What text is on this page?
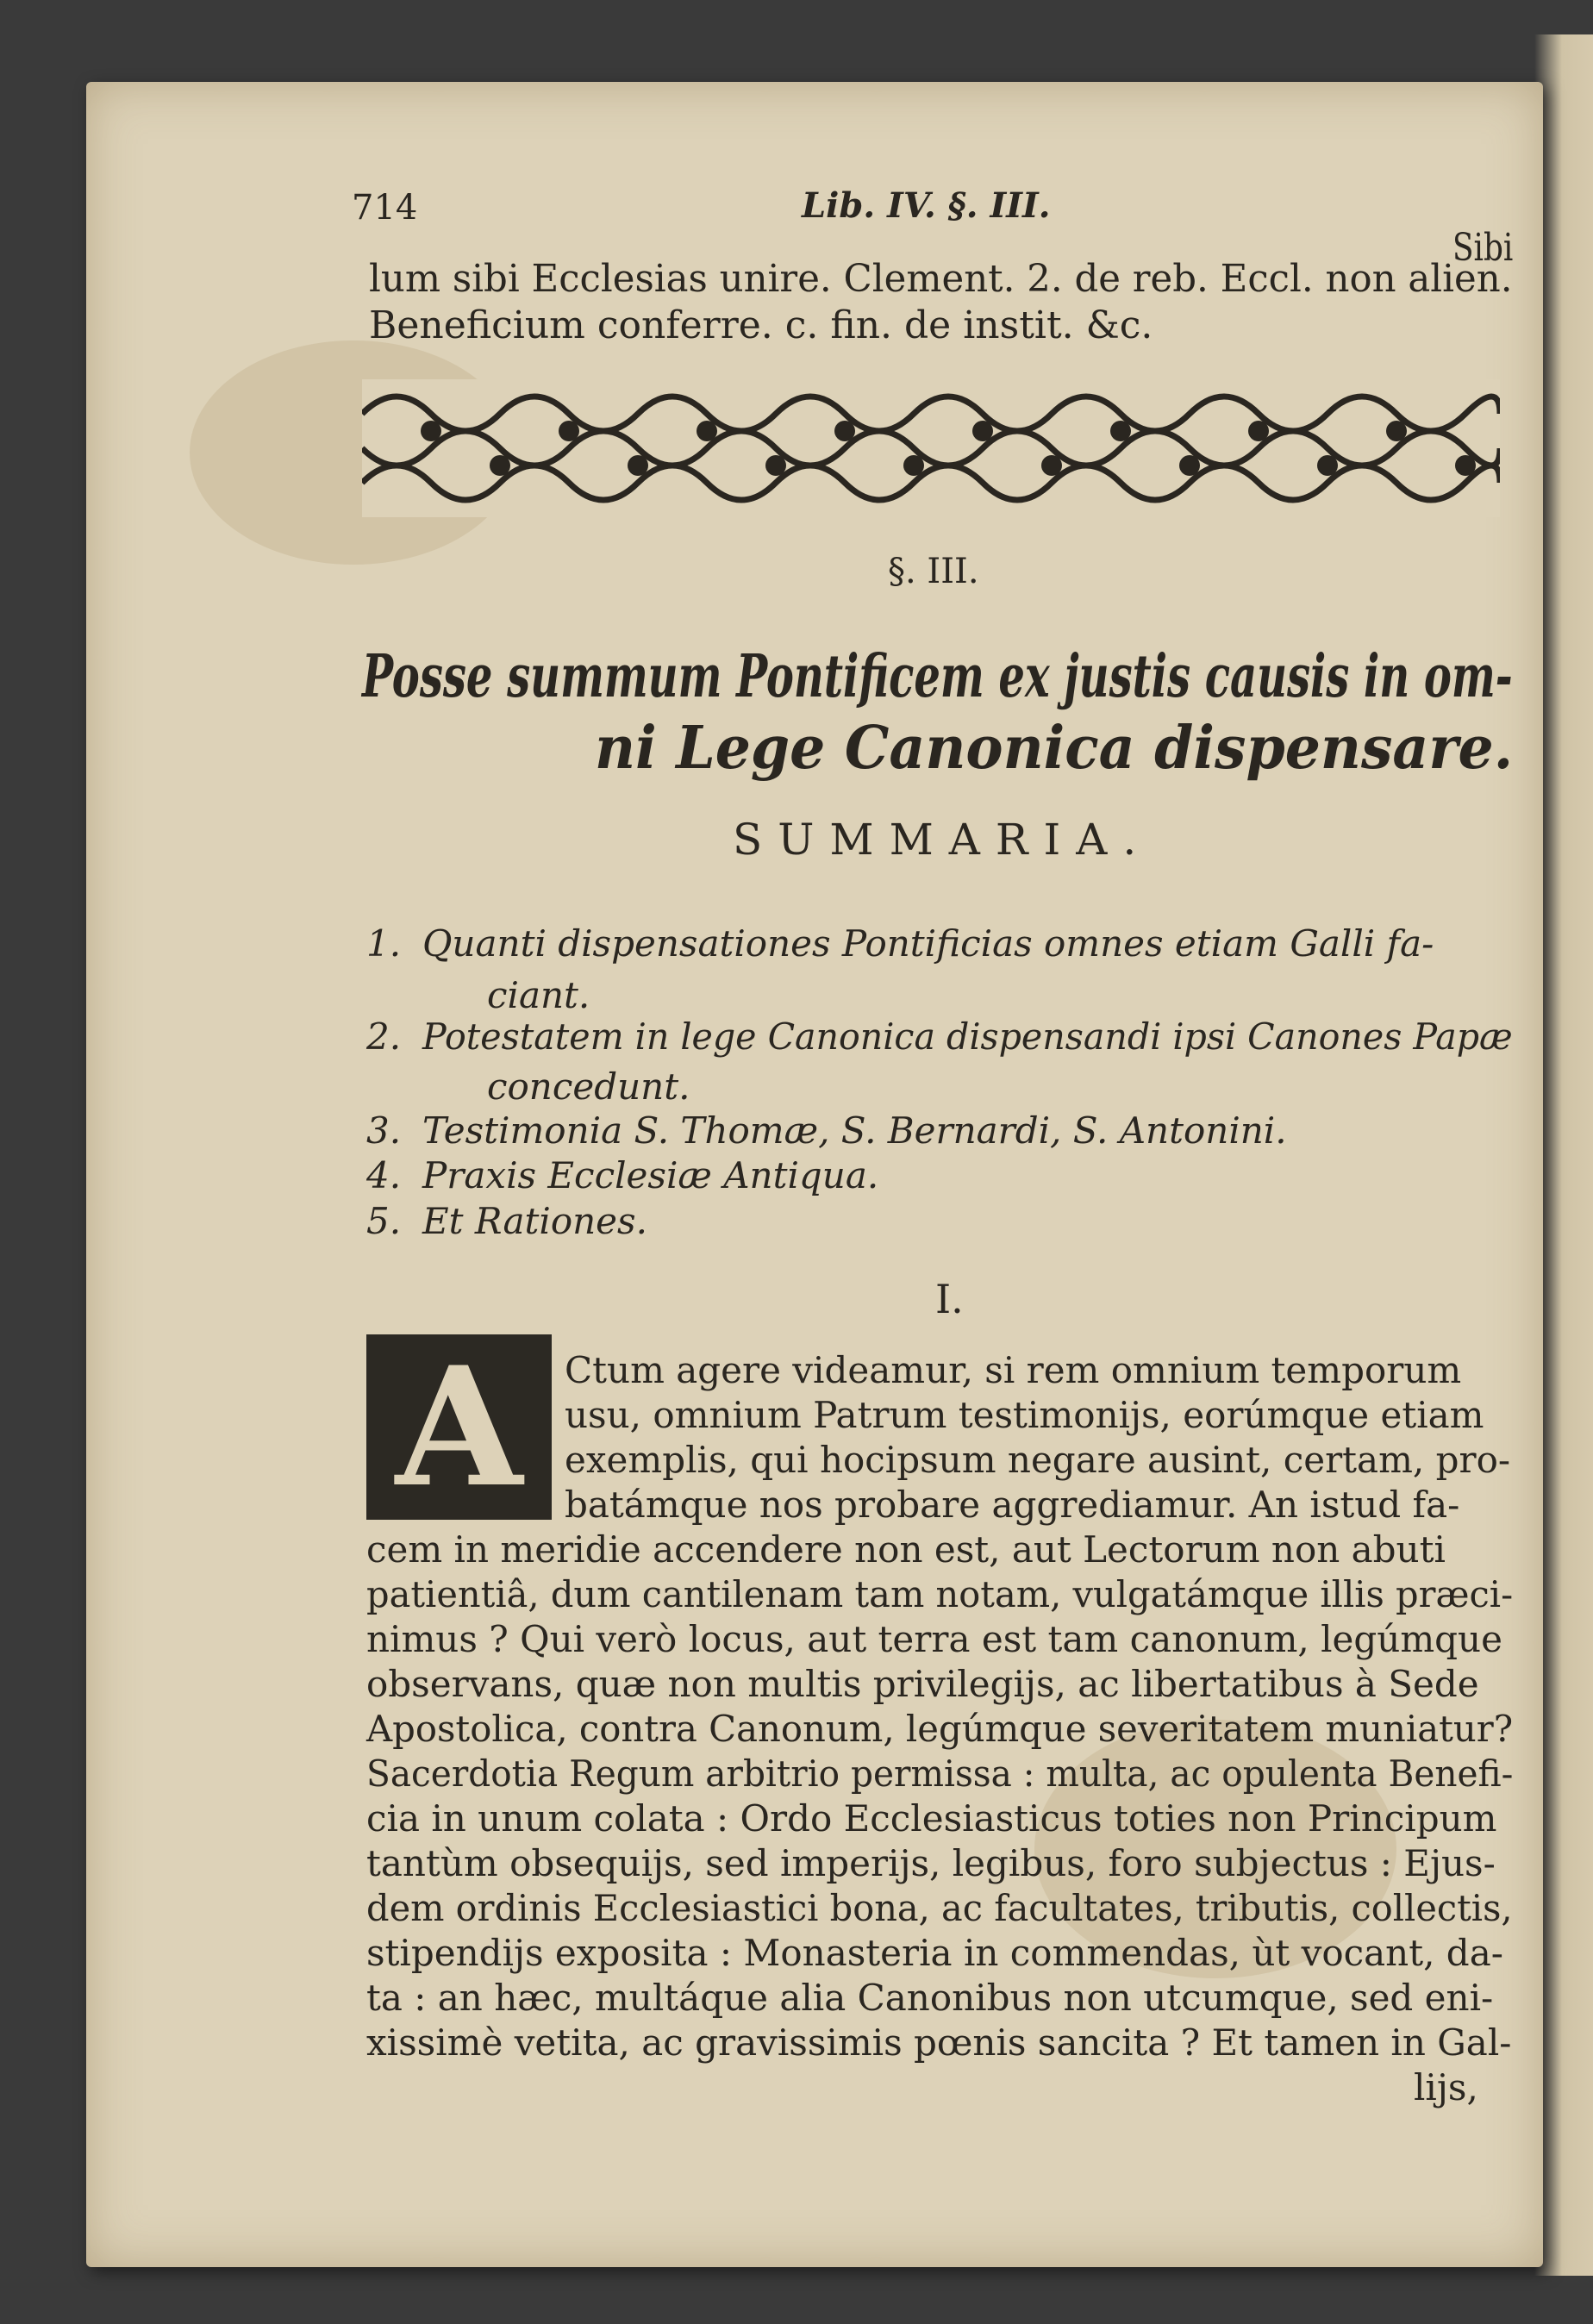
714	Lib. IV. §. III.
Sibi
lum sibi Ecclesias unire. Clement. 2. de reb. Eccl. non alien.
Beneficium conferre. c. fin. de instit. &c.
§. III.
Posse summum Pontificem ex justis causis in om-
ni Lege Canonica dispensare.
SUMMARIA.
1. Quanti dispensationes Pontificias omnes etiam Galli fa-
ciant.
2. Potestatem in lege Canonica dispensandi ipsi Canones Papæ
concedunt.
3. Testimonia S. Thomæ, S. Bernardi, S. Antonini.
4. Praxis Ecclesiæ Antiqua.
5. Et Rationes.
I.
A	Ctum agere videamur, si rem omnium temporum
usu, omnium Patrum testimonijs, eorúmque etiam
exemplis, qui hocipsum negare ausint, certam, pro-
batámque nos probare aggrediamur. An istud fa-
cem in meridie accendere non est, aut Lectorum non abuti
patientiâ, dum cantilenam tam notam, vulgatámque illis præci-
nimus ? Qui verò locus, aut terra est tam canonum, legúmque
observans, quæ non multis privilegijs, ac libertatibus à Sede
Apostolica, contra Canonum, legúmque severitatem muniatur?
Sacerdotia Regum arbitrio permissa : multa, ac opulenta Benefi-
cia in unum colata : Ordo Ecclesiasticus toties non Principum
tantùm obsequijs, sed imperijs, legibus, foro subjectus : Ejus-
dem ordinis Ecclesiastici bona, ac facultates, tributis, collectis,
stipendijs exposita : Monasteria in commendas, ùt vocant, da-
ta : an hæc, multáque alia Canonibus non utcumque, sed eni-
xissimè vetita, ac gravissimis pœnis sancita ? Et tamen in Gal-
lijs,
